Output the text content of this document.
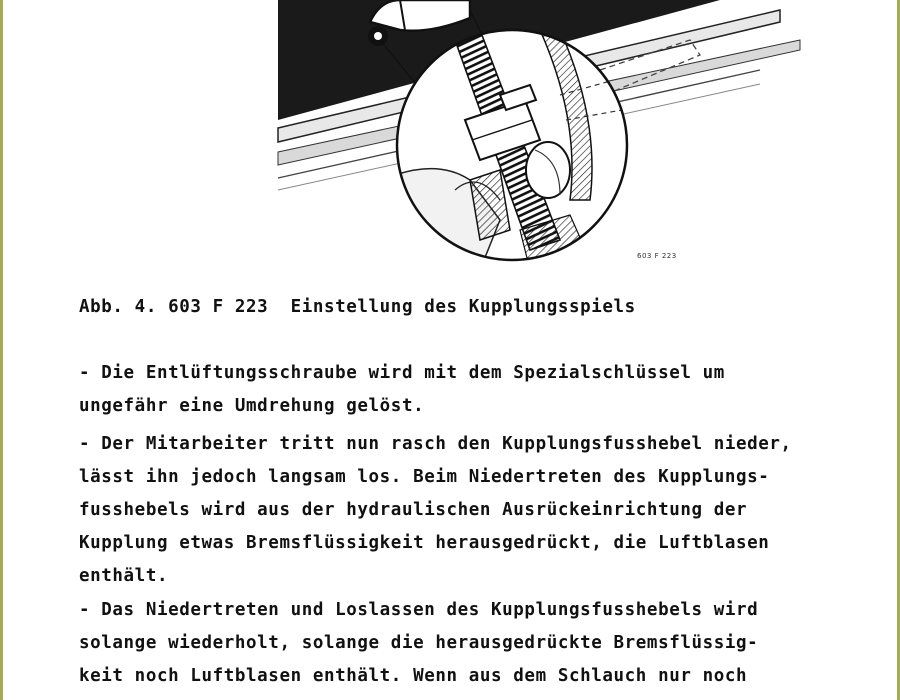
603 F 223
Abb. 4. 603 F 223  Einstellung des Kupplungsspiels

- Die Entlüftungsschraube wird mit dem Spezialschlüssel um
ungefähr eine Umdrehung gelöst.

- Der Mitarbeiter tritt nun rasch den Kupplungsfusshebel nieder,
lässt ihn jedoch langsam los. Beim Niedertreten des Kupplungs-
fusshebels wird aus der hydraulischen Ausrückeinrichtung der
Kupplung etwas Bremsflüssigkeit herausgedrückt, die Luftblasen
enthält.

- Das Niedertreten und Loslassen des Kupplungsfusshebels wird
solange wiederholt, solange die herausgedrückte Bremsflüssig-
keit noch Luftblasen enthält. Wenn aus dem Schlauch nur noch
